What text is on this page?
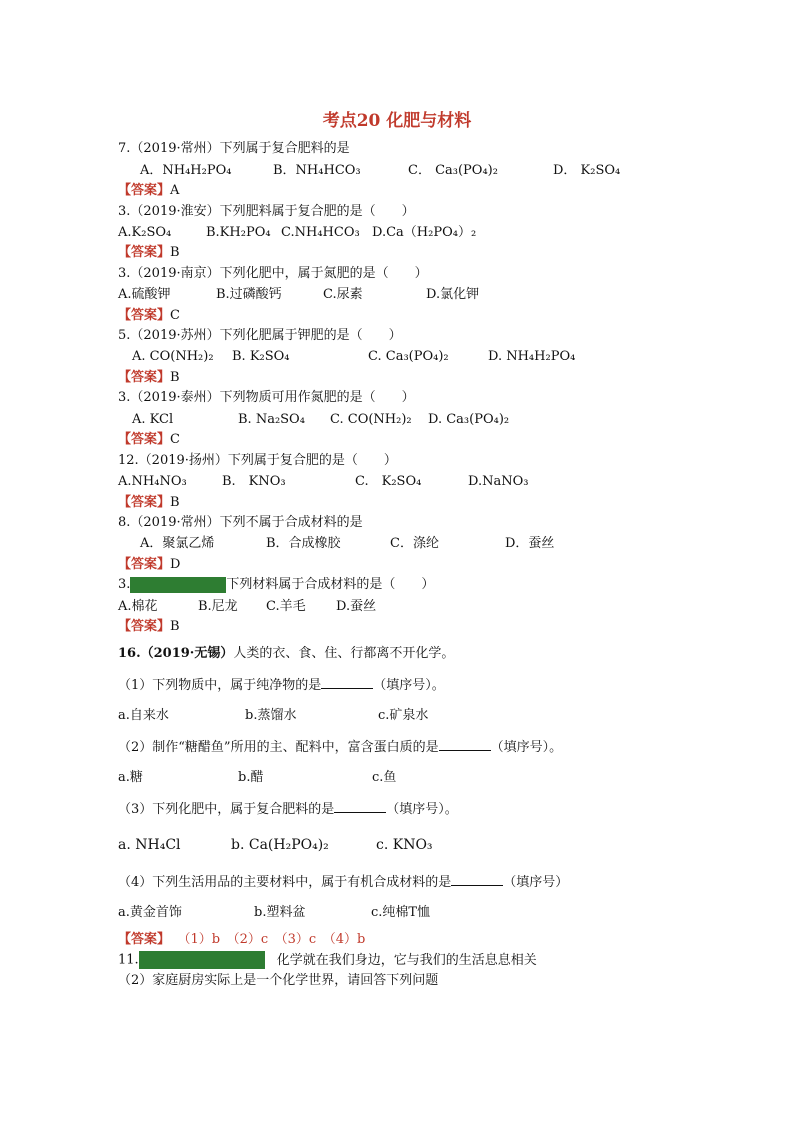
考点20 化肥与材料
7.（2019·常州）下列属于复合肥料的是
A．NH₄H₂PO₄	B．NH₄HCO₃	C． Ca₃(PO₄)₂	D． K₂SO₄
【答案】A
3.（2019·淮安）下列肥料属于复合肥的是（　　）
A.K₂SO₄	B.KH₂PO₄ C.NH₄HCO₃ D.Ca（H₂PO₄）₂
【答案】B
3.（2019·南京）下列化肥中，属于氮肥的是（　　）
A.硫酸钾	B.过磷酸钙	C.尿素	D.氯化钾
【答案】C
5.（2019·苏州）下列化肥属于钾肥的是（　　）
A. CO(NH₂)₂ B. K₂SO₄	C. Ca₃(PO₄)₂	D. NH₄H₂PO₄
【答案】B
3.（2019·泰州）下列物质可用作氮肥的是（　　）
A. KCl	B. Na₂SO₄ C. CO(NH₂)₂ D. Ca₃(PO₄)₂
【答案】C
12.（2019·扬州）下列属于复合肥的是（　　）
A.NH₄NO₃	B.　KNO₃	C.　K₂SO₄	D.NaNO₃
【答案】B
8.（2019·常州）下列不属于合成材料的是
A．聚氯乙烯	B．合成橡胶	C．涤纶	D．蚕丝
【答案】D
3.	下列材料属于合成材料的是（　　）
A.棉花	B.尼龙 C.羊毛 D.蚕丝
【答案】B
16.（2019·无锡）人类的衣、食、住、行都离不开化学。
（1）下列物质中，属于纯净物的是	（填序号）。
a.自来水	b.蒸馏水	c.矿泉水
（2）制作“糖醋鱼”所用的主、配料中，富含蛋白质的是	（填序号）。
a.糖	b.醋	c.鱼
（3）下列化肥中，属于复合肥料的是	（填序号）。
a. NH₄Cl	b. Ca(H₂PO₄)₂	c. KNO₃
（4）下列生活用品的主要材料中，属于有机合成材料的是	（填序号）
a.黄金首饰	b.塑料盆	c.纯棉T恤
【答案】 （1）b　（2）c　（3）c　（4）b
11.	化学就在我们身边，它与我们的生活息息相关
（2）家庭厨房实际上是一个化学世界，请回答下列问题
